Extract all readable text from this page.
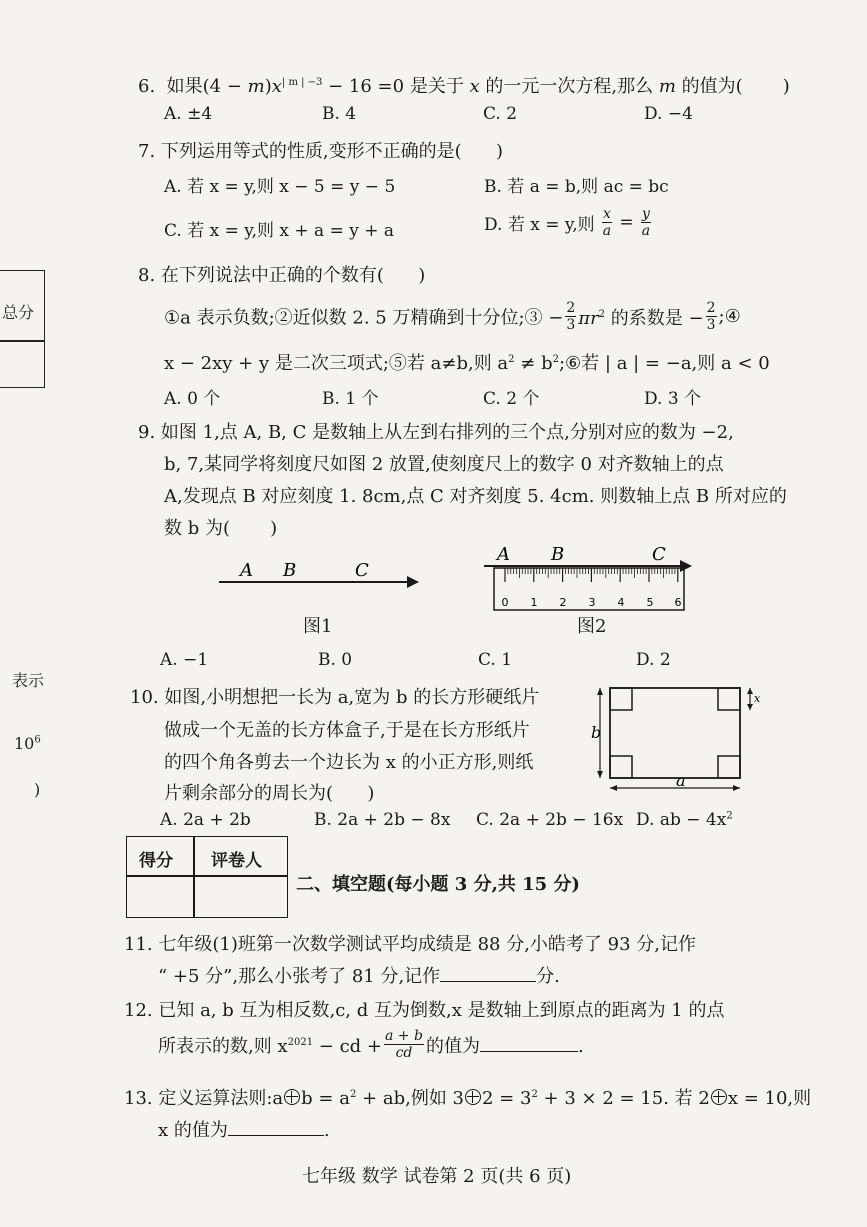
总分
表示
$10^6$
)
6. 如果$(4 - m)x^{| m | -3} - 16 =0$ 是关于 x 的一元一次方程,那么 m 的值为( )
A. ±4	B. 4	C. 2	D. −4
7. 下列运用等式的性质,变形不正确的是( )
A. 若 x = y,则 x − 5 = y − 5	B. 若 a = b,则 ac = bc
C. 若 x = y,则 x + a = y + a	D. 若 x = y,则 $\frac{x}{a} = \frac{y}{a}$
8. 在下列说法中正确的个数有( )
①a 表示负数;②近似数 2. 5 万精确到十分位;③ − $\frac{2}{3} \pi r^2$ 的系数是 − $\frac{2}{3}$ ;④
x − 2xy + y 是二次三项式;⑤若 a≠b,则 $a^2$ ≠ $b^2;⑥$若 | a | = −a,则 a < 0
A. 0 个	B. 1 个	C. 2 个	D. 3 个
9. 如图 1,点 A, B, C 是数轴上从左到右排列的三个点,分别对应的数为 −2,
b, 7,某同学将刻度尺如图 2 放置,使刻度尺上的数字 0 对齐数轴上的点
A,发现点 B 对应刻度 1. 8cm,点 C 对齐刻度 5. 4cm. 则数轴上点 B 所对应的
数 b 为( )
A B	C
图1
A B	C
0 1 2 3 4 5 6
图2
A. −1	B. 0	C. 1	D. 2
10. 如图,小明想把一长为 a,宽为 b 的长方形硬纸片
做成一个无盖的长方体盒子,于是在长方形纸片
的四个角各剪去一个边长为 x 的小正方形,则纸
片剩余部分的周长为( )
b
a
x
A. 2a + 2b	B. 2a + 2b − 8x C. 2a + 2b − 16x D. ab − $4x^2$
得分 评卷人
二、填空题(每小题 3 分,共 15 分)
11. 七年级(1)班第一次数学测试平均成绩是 88 分,小皓考了 93 分,记作
“ +5 分”,那么小张考了 81 分,记作	分.
12. 已知 a, b 互为相反数,c, d 互为倒数,x 是数轴上到原点的距离为 1 的点
所表示的数,则 $x^{2021}$ − cd + $\frac{a + b}{cd}$ 的值为	.
13. 定义运算法则:a $b = a^2$ + ab,例如 3 $2 = 3^2 + 3 \times 2 = 15$. 若 2 x = 10,则
x 的值为	.
七年级 数学 试卷第 2 页(共 6 页)
